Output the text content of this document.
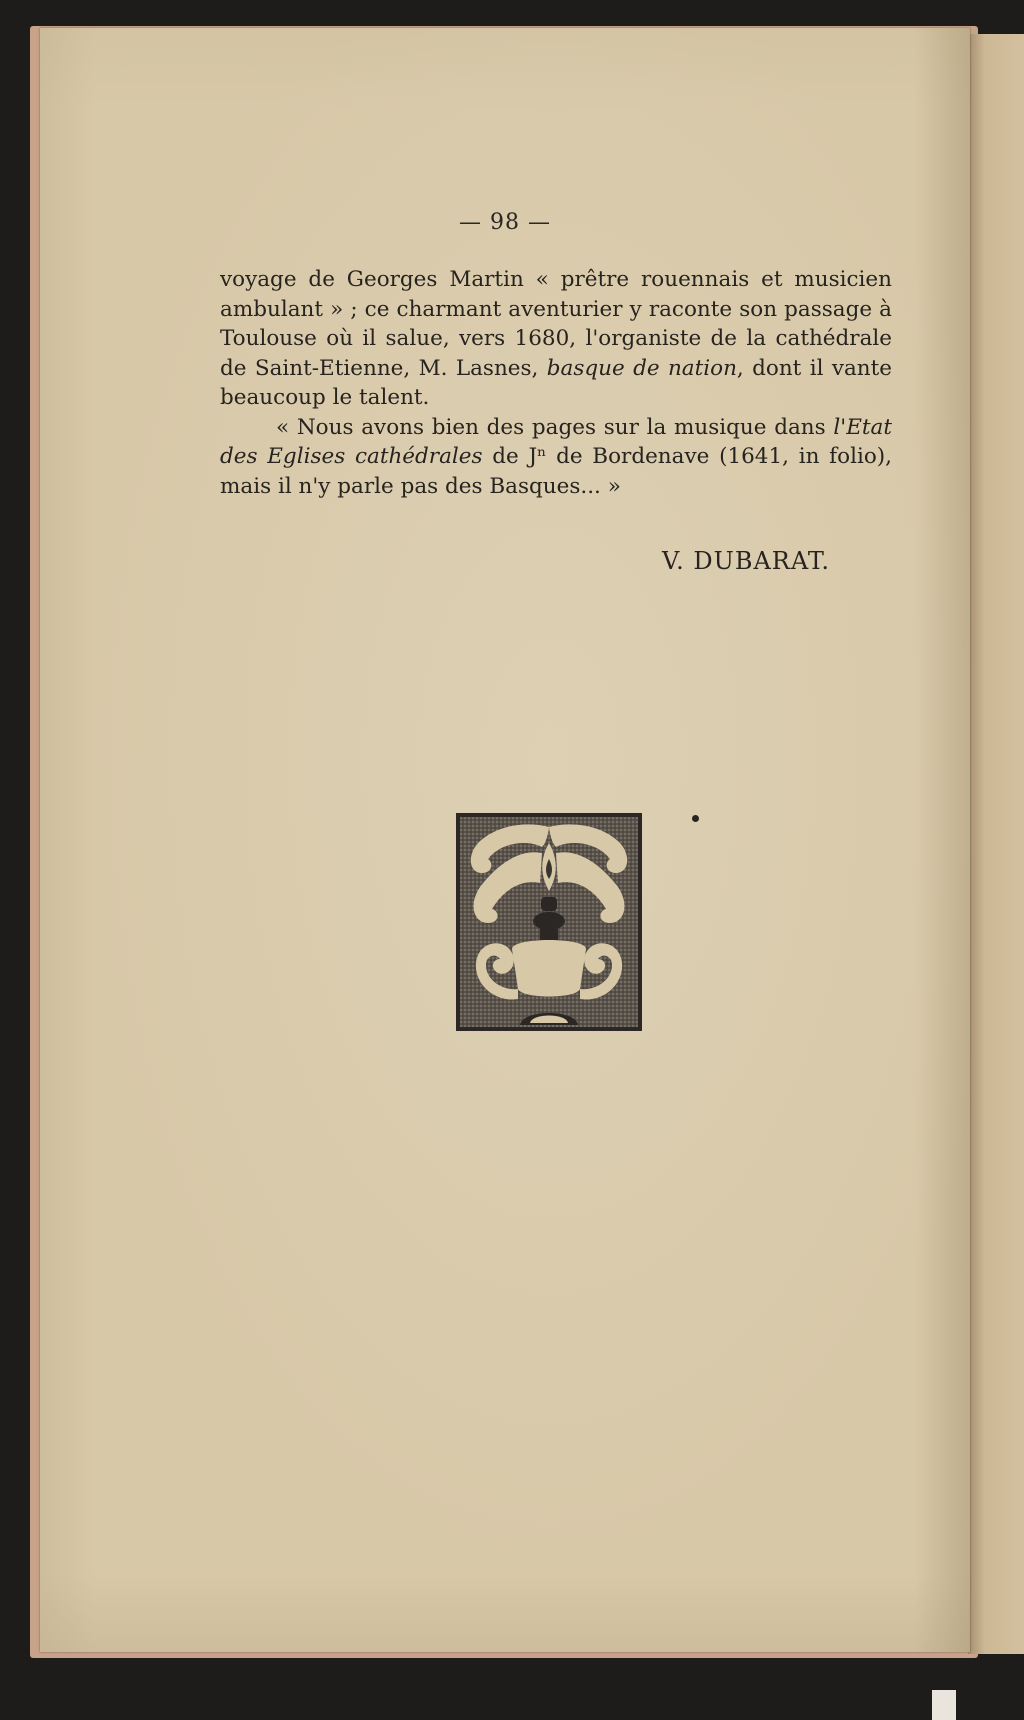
— 98 —

voyage de Georges Martin « prêtre rouennais et musicien ambulant » ; ce charmant aventurier y raconte son passage à Toulouse où il salue, vers 1680, l'organiste de la cathédrale de Saint-Etienne, M. Lasnes, basque de nation, dont il vante beaucoup le talent.

« Nous avons bien des pages sur la musique dans l'Etat des Eglises cathédrales de Jⁿ de Bordenave (1641, in folio), mais il n'y parle pas des Basques... »

V. DUBARAT.
